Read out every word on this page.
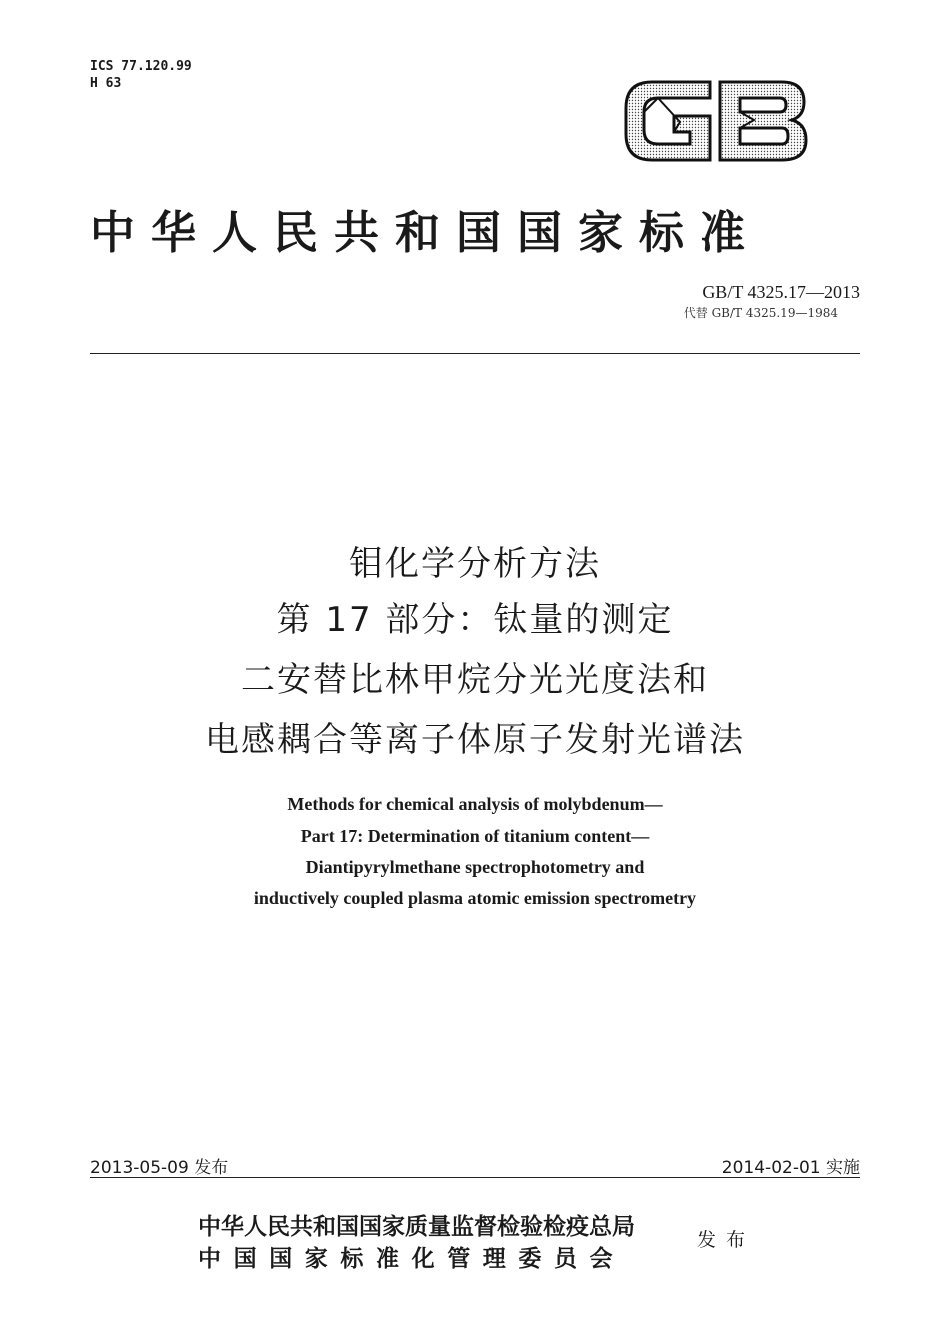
ICS 77.120.99
H 63
中华人民共和国国家标准
GB/T 4325.17—2013
代替 GB/T 4325.19—1984
钼化学分析方法
第 17 部分：钛量的测定
二安替比林甲烷分光光度法和
电感耦合等离子体原子发射光谱法
Methods for chemical analysis of molybdenum—
Part 17: Determination of titanium content—
Diantipyrylmethane spectrophotometry and
inductively coupled plasma atomic emission spectrometry
2013-05-09 发布	2014-02-01 实施
中华人民共和国国家质量监督检验检疫总局
中国国家标准化管理委员会
发布
